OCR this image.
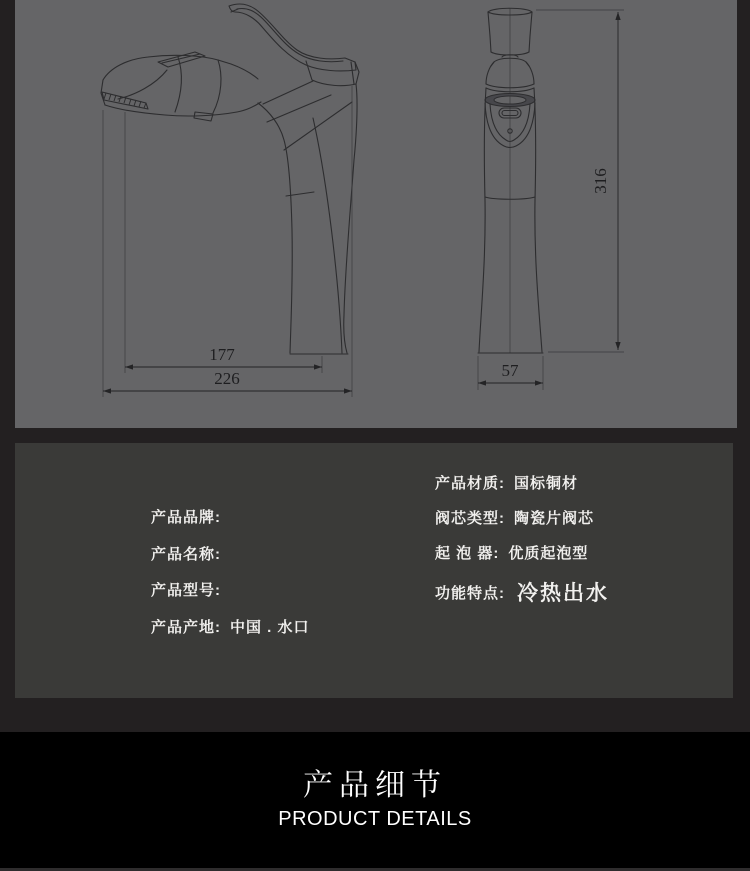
177
226	57
316
产品品牌:
产品名称:
产品型号:
产品产地: 中国 . 水口
产品材质: 国标铜材
阀芯类型: 陶瓷片阀芯
起 泡 器: 优质起泡型
功能特点: 冷热出水
产品细节
PRODUCT DETAILS
